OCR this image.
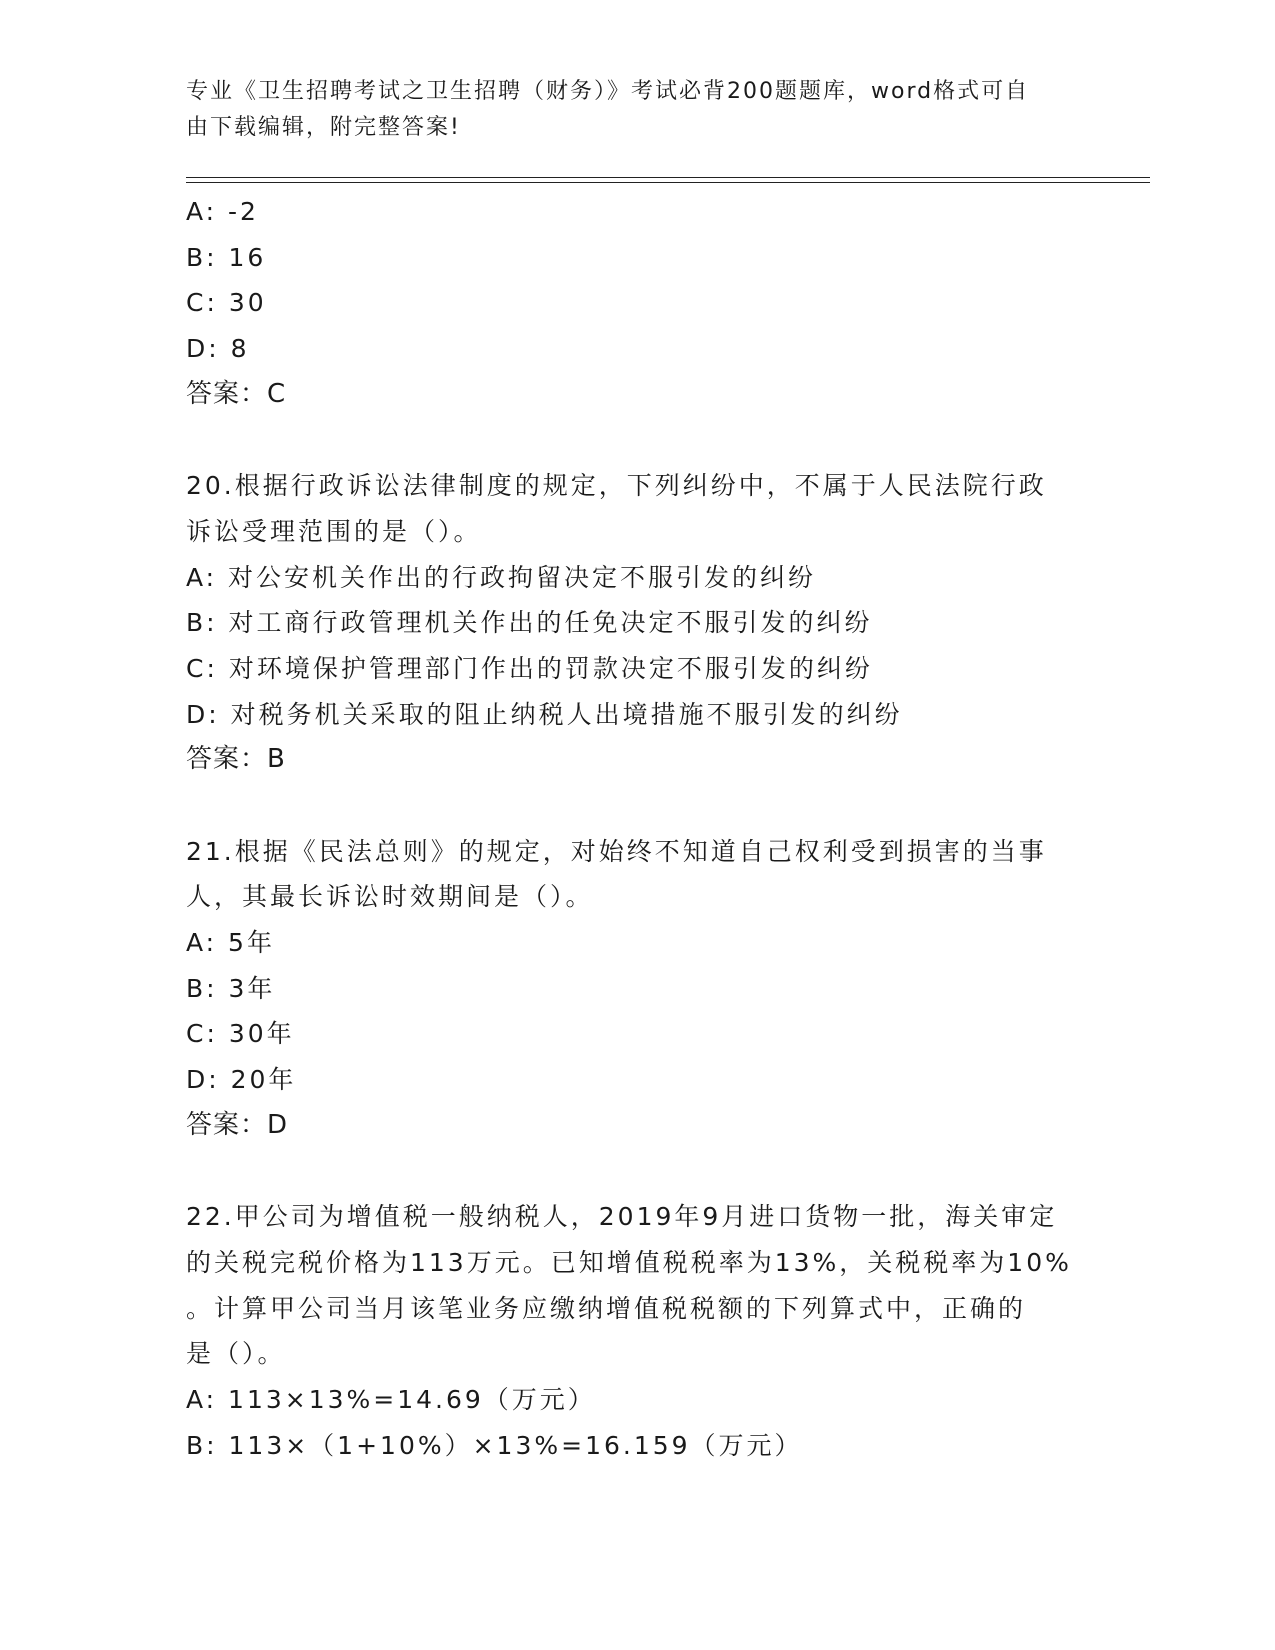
专业《卫生招聘考试之卫生招聘（财务）》考试必背200题题库，word格式可自
由下载编辑，附完整答案!
A: -2
B: 16
C: 30
D: 8
答案：C
20.根据行政诉讼法律制度的规定，下列纠纷中，不属于人民法院行政
诉讼受理范围的是（）。
A: 对公安机关作出的行政拘留决定不服引发的纠纷
B: 对工商行政管理机关作出的任免决定不服引发的纠纷
C: 对环境保护管理部门作出的罚款决定不服引发的纠纷
D: 对税务机关采取的阻止纳税人出境措施不服引发的纠纷
答案：B
21.根据《民法总则》的规定，对始终不知道自己权利受到损害的当事
人，其最长诉讼时效期间是（）。
A: 5年
B: 3年
C: 30年
D: 20年
答案：D
22.甲公司为增值税一般纳税人，2019年9月进口货物一批，海关审定
的关税完税价格为113万元。已知增值税税率为13%，关税税率为10%
。计算甲公司当月该笔业务应缴纳增值税税额的下列算式中，正确的
是（）。
A: 113×13%=14.69（万元）
B: 113×（1+10%）×13%=16.159（万元）
